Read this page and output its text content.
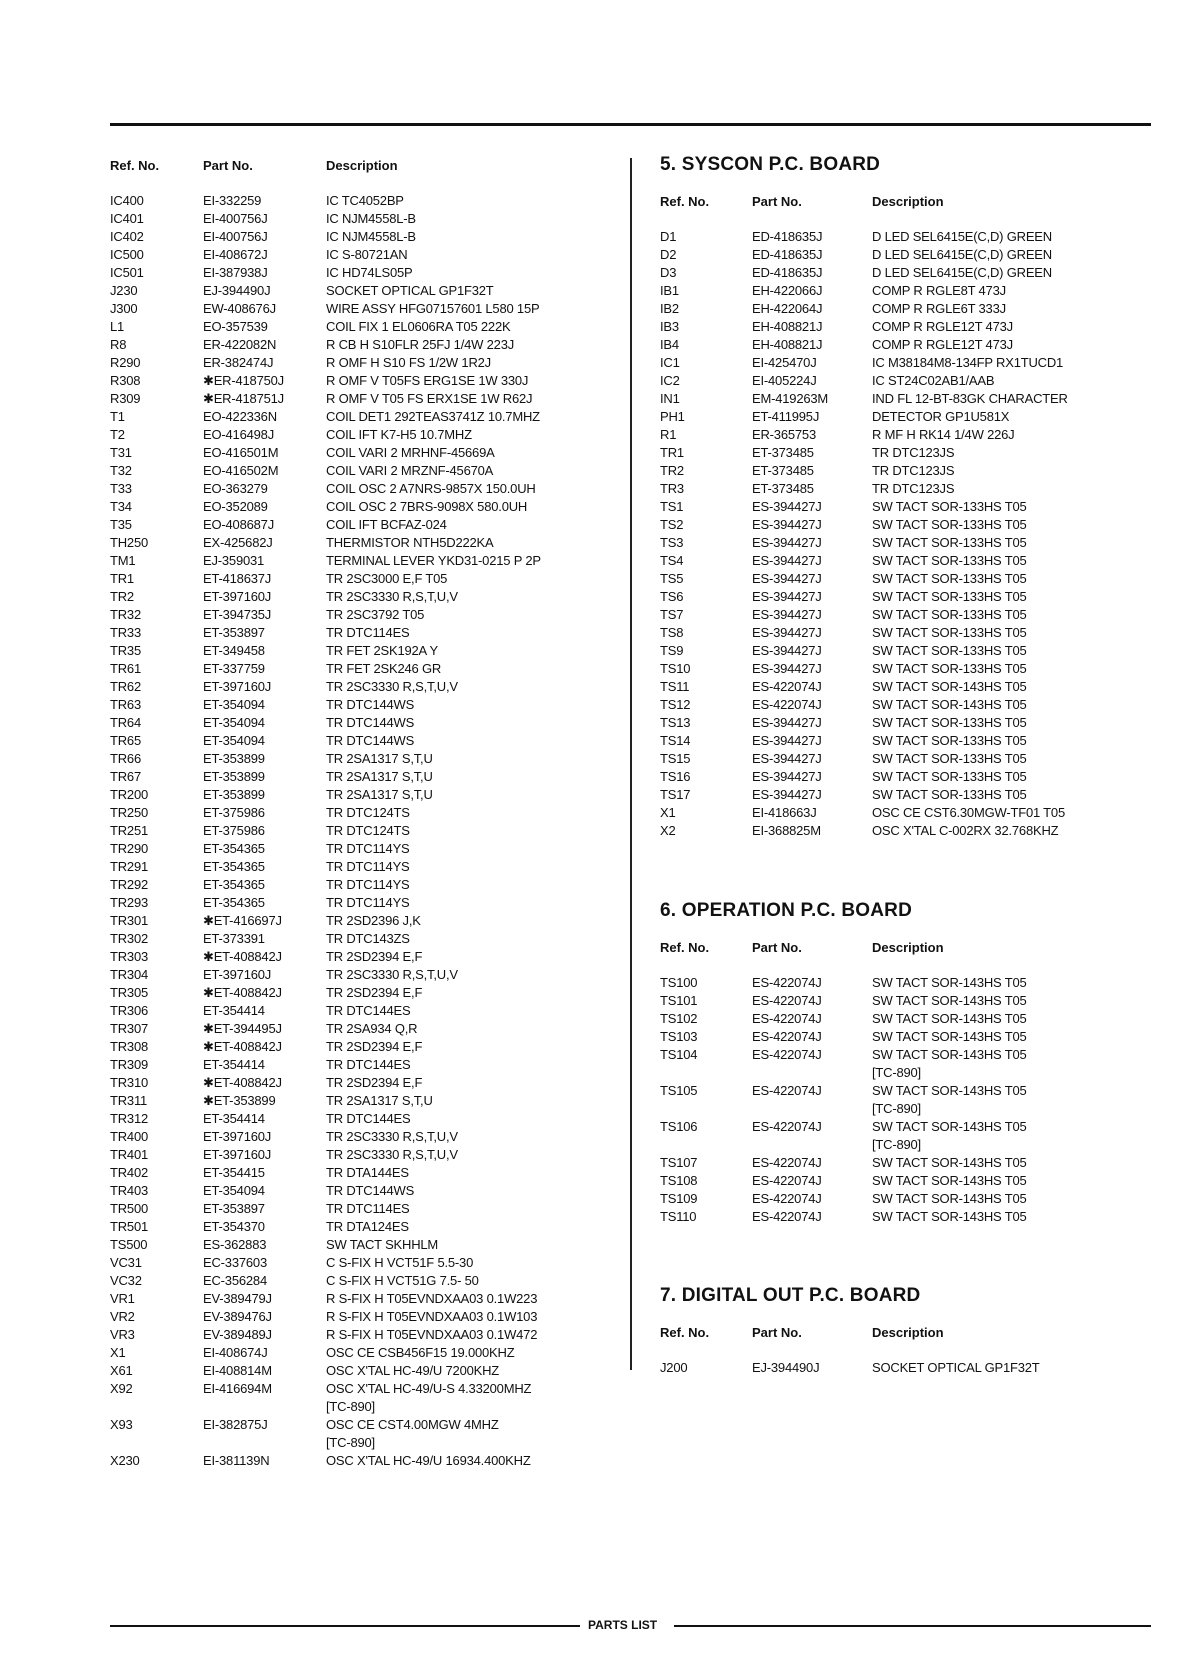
Ref. No.	Part No.	Description
IC400	EI-332259	IC TC4052BP
IC401	EI-400756J	IC NJM4558L-B
IC402	EI-400756J	IC NJM4558L-B
IC500	EI-408672J	IC S-80721AN
IC501	EI-387938J	IC HD74LS05P
J230	EJ-394490J	SOCKET OPTICAL GP1F32T
J300	EW-408676J	WIRE ASSY HFG07157601 L580 15P
L1	EO-357539	COIL FIX 1 EL0606RA T05 222K
R8	ER-422082N	R CB H S10FLR 25FJ 1/4W 223J
R290	ER-382474J	R OMF H S10 FS 1/2W 1R2J
R308	✱ER-418750J	R OMF V T05FS ERG1SE 1W 330J
R309	✱ER-418751J	R OMF V T05 FS ERX1SE 1W R62J
T1	EO-422336N	COIL DET1 292TEAS3741Z 10.7MHZ
T2	EO-416498J	COIL IFT K7-H5 10.7MHZ
T31	EO-416501M	COIL VARI 2 MRHNF-45669A
T32	EO-416502M	COIL VARI 2 MRZNF-45670A
T33	EO-363279	COIL OSC 2 A7NRS-9857X 150.0UH
T34	EO-352089	COIL OSC 2 7BRS-9098X 580.0UH
T35	EO-408687J	COIL IFT BCFAZ-024
TH250	EX-425682J	THERMISTOR NTH5D222KA
TM1	EJ-359031	TERMINAL LEVER YKD31-0215 P 2P
TR1	ET-418637J	TR 2SC3000 E,F T05
TR2	ET-397160J	TR 2SC3330 R,S,T,U,V
TR32	ET-394735J	TR 2SC3792 T05
TR33	ET-353897	TR DTC114ES
TR35	ET-349458	TR FET 2SK192A Y
TR61	ET-337759	TR FET 2SK246 GR
TR62	ET-397160J	TR 2SC3330 R,S,T,U,V
TR63	ET-354094	TR DTC144WS
TR64	ET-354094	TR DTC144WS
TR65	ET-354094	TR DTC144WS
TR66	ET-353899	TR 2SA1317 S,T,U
TR67	ET-353899	TR 2SA1317 S,T,U
TR200	ET-353899	TR 2SA1317 S,T,U
TR250	ET-375986	TR DTC124TS
TR251	ET-375986	TR DTC124TS
TR290	ET-354365	TR DTC114YS
TR291	ET-354365	TR DTC114YS
TR292	ET-354365	TR DTC114YS
TR293	ET-354365	TR DTC114YS
TR301	✱ET-416697J	TR 2SD2396 J,K
TR302	ET-373391	TR DTC143ZS
TR303	✱ET-408842J	TR 2SD2394 E,F
TR304	ET-397160J	TR 2SC3330 R,S,T,U,V
TR305	✱ET-408842J	TR 2SD2394 E,F
TR306	ET-354414	TR DTC144ES
TR307	✱ET-394495J	TR 2SA934 Q,R
TR308	✱ET-408842J	TR 2SD2394 E,F
TR309	ET-354414	TR DTC144ES
TR310	✱ET-408842J	TR 2SD2394 E,F
TR311	✱ET-353899	TR 2SA1317 S,T,U
TR312	ET-354414	TR DTC144ES
TR400	ET-397160J	TR 2SC3330 R,S,T,U,V
TR401	ET-397160J	TR 2SC3330 R,S,T,U,V
TR402	ET-354415	TR DTA144ES
TR403	ET-354094	TR DTC144WS
TR500	ET-353897	TR DTC114ES
TR501	ET-354370	TR DTA124ES
TS500	ES-362883	SW TACT SKHHLM
VC31	EC-337603	C S-FIX H VCT51F 5.5-30
VC32	EC-356284	C S-FIX H VCT51G 7.5- 50
VR1	EV-389479J	R S-FIX H T05EVNDXAA03 0.1W223
VR2	EV-389476J	R S-FIX H T05EVNDXAA03 0.1W103
VR3	EV-389489J	R S-FIX H T05EVNDXAA03 0.1W472
X1	EI-408674J	OSC CE CSB456F15 19.000KHZ
X61	EI-408814M	OSC X'TAL HC-49/U 7200KHZ
X92	EI-416694M	OSC X'TAL HC-49/U-S 4.33200MHZ
[TC-890]
X93	EI-382875J	OSC CE CST4.00MGW 4MHZ
[TC-890]
X230	EI-381139N	OSC X'TAL HC-49/U 16934.400KHZ
5. SYSCON P.C. BOARD
Ref. No.	Part No.	Description
D1	ED-418635J	D LED SEL6415E(C,D) GREEN
D2	ED-418635J	D LED SEL6415E(C,D) GREEN
D3	ED-418635J	D LED SEL6415E(C,D) GREEN
IB1	EH-422066J	COMP R RGLE8T 473J
IB2	EH-422064J	COMP R RGLE6T 333J
IB3	EH-408821J	COMP R RGLE12T 473J
IB4	EH-408821J	COMP R RGLE12T 473J
IC1	EI-425470J	IC M38184M8-134FP RX1TUCD1
IC2	EI-405224J	IC ST24C02AB1/AAB
IN1	EM-419263M	IND FL 12-BT-83GK CHARACTER
PH1	ET-411995J	DETECTOR GP1U581X
R1	ER-365753	R MF H RK14 1/4W 226J
TR1	ET-373485	TR DTC123JS
TR2	ET-373485	TR DTC123JS
TR3	ET-373485	TR DTC123JS
TS1	ES-394427J	SW TACT SOR-133HS T05
TS2	ES-394427J	SW TACT SOR-133HS T05
TS3	ES-394427J	SW TACT SOR-133HS T05
TS4	ES-394427J	SW TACT SOR-133HS T05
TS5	ES-394427J	SW TACT SOR-133HS T05
TS6	ES-394427J	SW TACT SOR-133HS T05
TS7	ES-394427J	SW TACT SOR-133HS T05
TS8	ES-394427J	SW TACT SOR-133HS T05
TS9	ES-394427J	SW TACT SOR-133HS T05
TS10	ES-394427J	SW TACT SOR-133HS T05
TS11	ES-422074J	SW TACT SOR-143HS T05
TS12	ES-422074J	SW TACT SOR-143HS T05
TS13	ES-394427J	SW TACT SOR-133HS T05
TS14	ES-394427J	SW TACT SOR-133HS T05
TS15	ES-394427J	SW TACT SOR-133HS T05
TS16	ES-394427J	SW TACT SOR-133HS T05
TS17	ES-394427J	SW TACT SOR-133HS T05
X1	EI-418663J	OSC CE CST6.30MGW-TF01 T05
X2	EI-368825M	OSC X'TAL C-002RX 32.768KHZ
6. OPERATION P.C. BOARD
Ref. No.	Part No.	Description
TS100	ES-422074J	SW TACT SOR-143HS T05
TS101	ES-422074J	SW TACT SOR-143HS T05
TS102	ES-422074J	SW TACT SOR-143HS T05
TS103	ES-422074J	SW TACT SOR-143HS T05
TS104	ES-422074J	SW TACT SOR-143HS T05
[TC-890]
TS105	ES-422074J	SW TACT SOR-143HS T05
[TC-890]
TS106	ES-422074J	SW TACT SOR-143HS T05
[TC-890]
TS107	ES-422074J	SW TACT SOR-143HS T05
TS108	ES-422074J	SW TACT SOR-143HS T05
TS109	ES-422074J	SW TACT SOR-143HS T05
TS110	ES-422074J	SW TACT SOR-143HS T05
7. DIGITAL OUT P.C. BOARD
Ref. No.	Part No.	Description
J200	EJ-394490J	SOCKET OPTICAL GP1F32T
PARTS LIST
